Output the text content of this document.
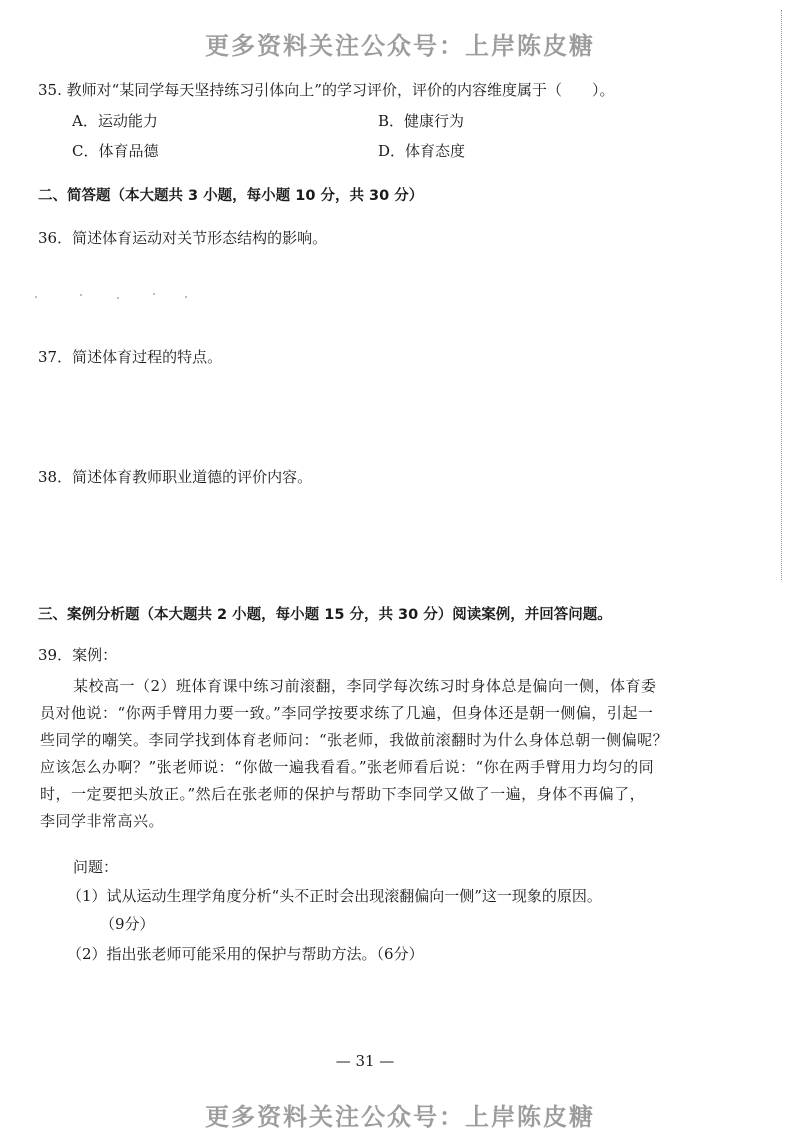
更多资料关注公众号：上岸陈皮糖
35. 教师对“某同学每天坚持练习引体向上”的学习评价，评价的内容维度属于（　　）。
A．运动能力	B．健康行为
C．体育品德	D．体育态度
二、简答题（本大题共 3 小题，每小题 10 分，共 30 分）
36．简述体育运动对关节形态结构的影响。
37．简述体育过程的特点。
38．简述体育教师职业道德的评价内容。
三、案例分析题（本大题共 2 小题，每小题 15 分，共 30 分）阅读案例，并回答问题。
39．案例：
某校高一（2）班体育课中练习前滚翻，李同学每次练习时身体总是偏向一侧，体育委
员对他说：“你两手臂用力要一致。”李同学按要求练了几遍，但身体还是朝一侧偏，引起一
些同学的嘲笑。李同学找到体育老师问：“张老师，我做前滚翻时为什么身体总朝一侧偏呢？
应该怎么办啊？”张老师说：“你做一遍我看看。”张老师看后说：“你在两手臂用力均匀的同
时，一定要把头放正。”然后在张老师的保护与帮助下李同学又做了一遍，身体不再偏了，
李同学非常高兴。
问题：
（1）试从运动生理学角度分析“头不正时会出现滚翻偏向一侧”这一现象的原因。
（9分）
（2）指出张老师可能采用的保护与帮助方法。（6分）
— 31 —
更多资料关注公众号：上岸陈皮糖
